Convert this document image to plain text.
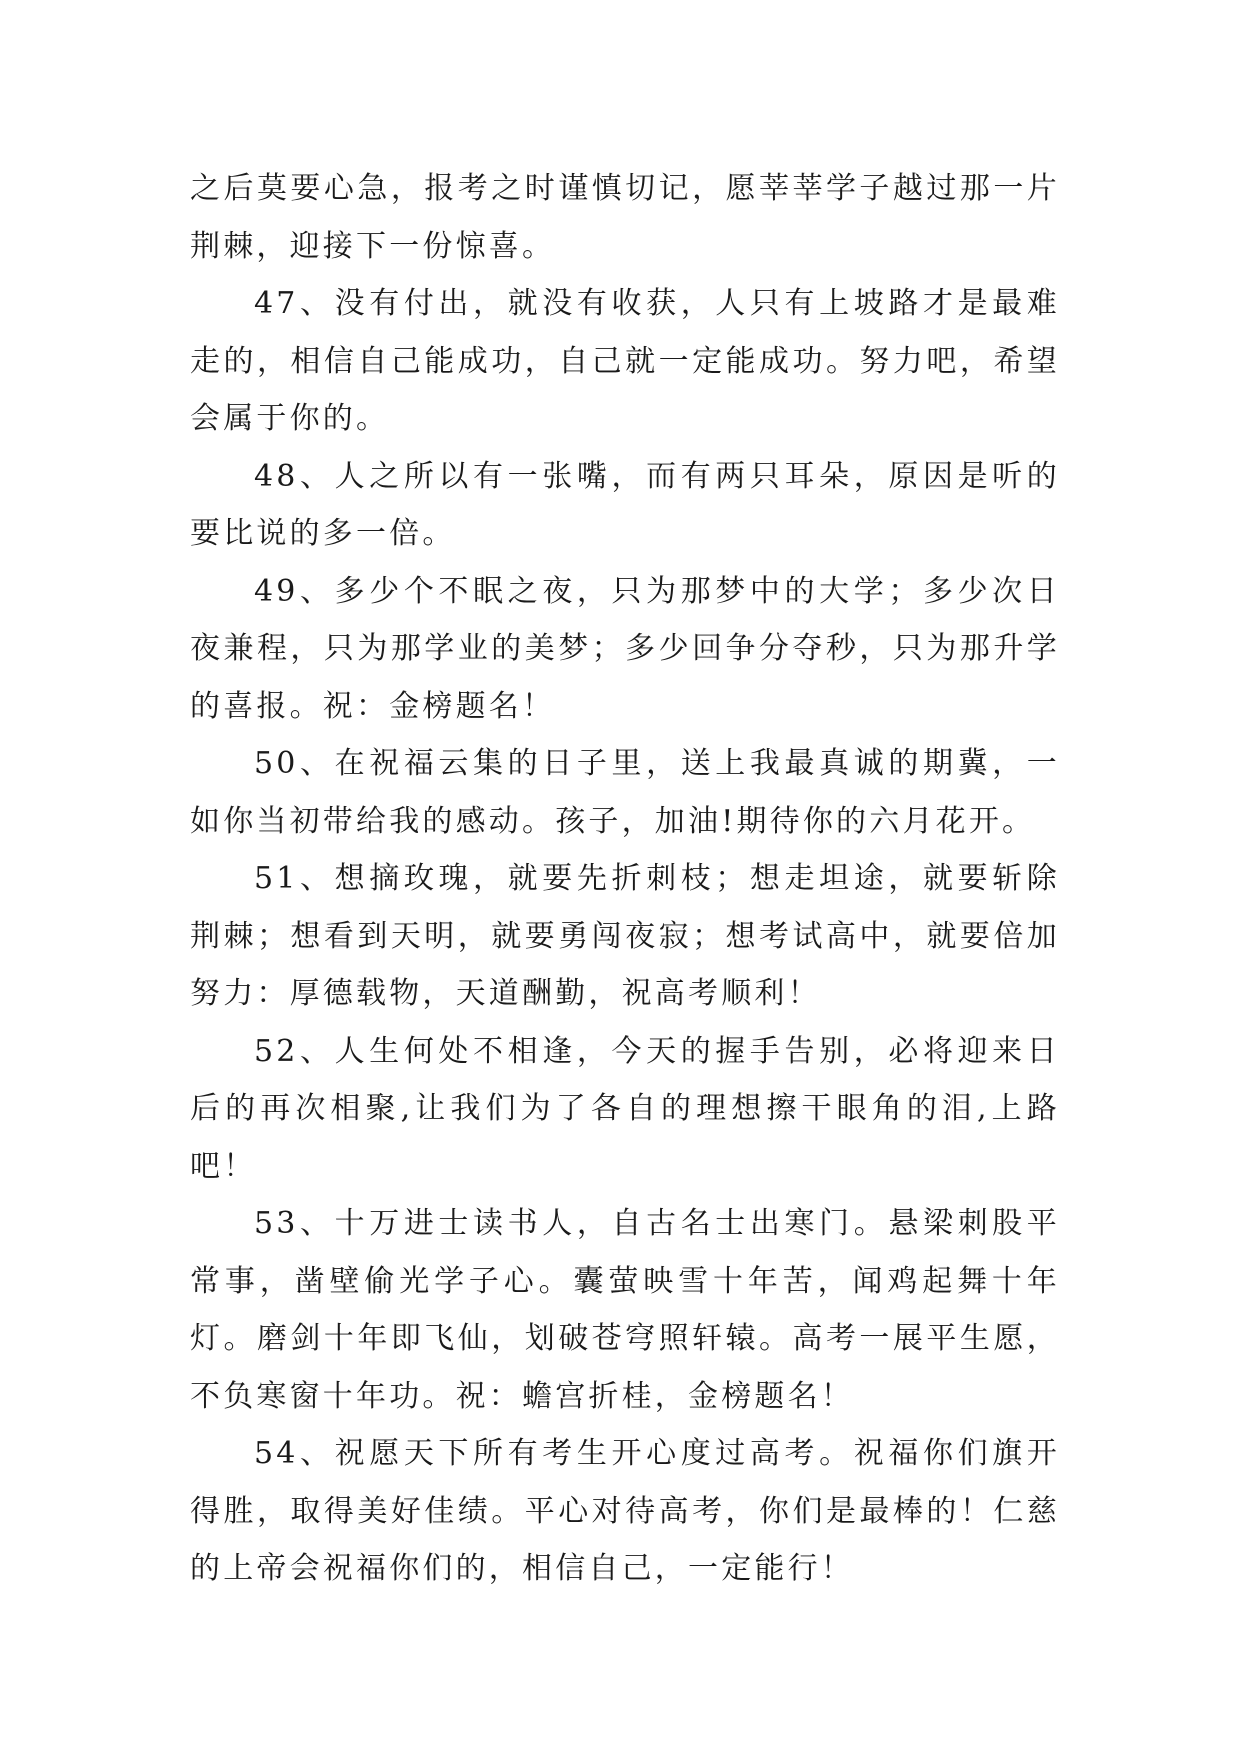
之后莫要心急，报考之时谨慎切记，愿莘莘学子越过那一片荆棘，迎接下一份惊喜。

47、没有付出，就没有收获，人只有上坡路才是最难走的，相信自己能成功，自己就一定能成功。努力吧，希望会属于你的。

48、人之所以有一张嘴，而有两只耳朵，原因是听的要比说的多一倍。

49、多少个不眠之夜，只为那梦中的大学；多少次日夜兼程，只为那学业的美梦；多少回争分夺秒，只为那升学的喜报。祝：金榜题名！

50、在祝福云集的日子里，送上我最真诚的期冀，一如你当初带给我的感动。孩子，加油!期待你的六月花开。

51、想摘玫瑰，就要先折刺枝；想走坦途，就要斩除荆棘；想看到天明，就要勇闯夜寂；想考试高中，就要倍加努力：厚德载物，天道酬勤，祝高考顺利！

52、人生何处不相逢，今天的握手告别，必将迎来日后的再次相聚,让我们为了各自的理想擦干眼角的泪,上路吧！

53、十万进士读书人，自古名士出寒门。悬梁刺股平常事，凿壁偷光学子心。囊萤映雪十年苦，闻鸡起舞十年灯。磨剑十年即飞仙，划破苍穹照轩辕。高考一展平生愿，不负寒窗十年功。祝：蟾宫折桂，金榜题名！

54、祝愿天下所有考生开心度过高考。祝福你们旗开得胜，取得美好佳绩。平心对待高考，你们是最棒的！仁慈的上帝会祝福你们的，相信自己，一定能行！
